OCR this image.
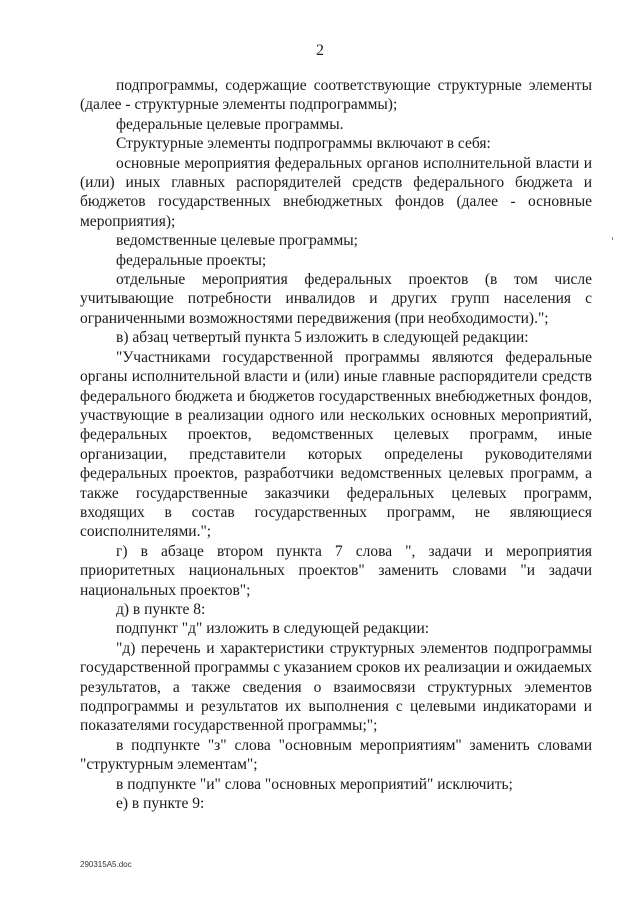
2

подпрограммы, содержащие соответствующие структурные элементы (далее - структурные элементы подпрограммы);

федеральные целевые программы.

Структурные элементы подпрограммы включают в себя:

основные мероприятия федеральных органов исполнительной власти и (или) иных главных распорядителей средств федерального бюджета и бюджетов государственных внебюджетных фондов (далее - основные мероприятия);

ведомственные целевые программы;

федеральные проекты;

отдельные мероприятия федеральных проектов (в том числе учитывающие потребности инвалидов и других групп населения с ограниченными возможностями передвижения (при необходимости).";

в) абзац четвертый пункта 5 изложить в следующей редакции:

"Участниками государственной программы являются федеральные органы исполнительной власти и (или) иные главные распорядители средств федерального бюджета и бюджетов государственных внебюджетных фондов, участвующие в реализации одного или нескольких основных мероприятий, федеральных проектов, ведомственных целевых программ, иные организации, представители которых определены руководителями федеральных проектов, разработчики ведомственных целевых программ, а также государственные заказчики федеральных целевых программ, входящих в состав государственных программ, не являющиеся соисполнителями.";

г) в абзаце втором пункта 7 слова ", задачи и мероприятия приоритетных национальных проектов" заменить словами "и задачи национальных проектов";

д) в пункте 8:

подпункт "д" изложить в следующей редакции:

"д) перечень и характеристики структурных элементов подпрограммы государственной программы с указанием сроков их реализации и ожидаемых результатов, а также сведения о взаимосвязи структурных элементов подпрограммы и результатов их выполнения с целевыми индикаторами и показателями государственной программы;";

в подпункте "з" слова "основным мероприятиям" заменить словами "структурным элементам";

в подпункте "и" слова "основных мероприятий" исключить;

е) в пункте 9:

290315A5.doc
